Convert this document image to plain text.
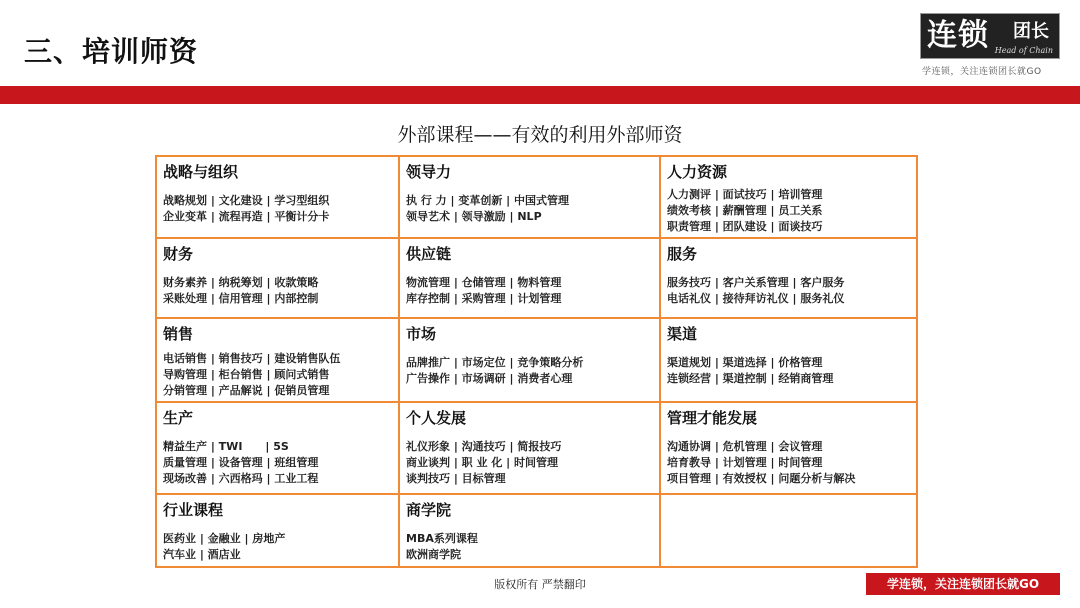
三、培训师资	连锁 团长
Head of Chain
学连锁，关注连锁团长就GO
外部课程——有效的利用外部师资
战略与组织
战略规划 | 文化建设 | 学习型组织
企业变革 | 流程再造 | 平衡计分卡
领导力
执 行 力 | 变革创新 | 中国式管理
领导艺术 | 领导激励 | NLP
人力资源
人力测评 | 面试技巧 | 培训管理
绩效考核 | 薪酬管理 | 员工关系
职责管理 | 团队建设 | 面谈技巧
财务
财务素养 | 纳税筹划 | 收款策略
采账处理 | 信用管理 | 内部控制
供应链
物流管理 | 仓储管理 | 物料管理
库存控制 | 采购管理 | 计划管理
服务
服务技巧 | 客户关系管理 | 客户服务
电话礼仪 | 接待拜访礼仪 | 服务礼仪
销售
电话销售 | 销售技巧 | 建设销售队伍
导购管理 | 柜台销售 | 顾问式销售
分销管理 | 产品解说 | 促销员管理
市场
品牌推广 | 市场定位 | 竞争策略分析
广告操作 | 市场调研 | 消费者心理
渠道
渠道规划 | 渠道选择 | 价格管理
连锁经营 | 渠道控制 | 经销商管理
生产
精益生产 | TWI      | 5S
质量管理 | 设备管理 | 班组管理
现场改善 | 六西格玛 | 工业工程
个人发展
礼仪形象 | 沟通技巧 | 简报技巧
商业谈判 | 职 业 化 | 时间管理
谈判技巧 | 目标管理
管理才能发展
沟通协调 | 危机管理 | 会议管理
培育教导 | 计划管理 | 时间管理
项目管理 | 有效授权 | 问题分析与解决
行业课程
医药业 | 金融业 | 房地产
汽车业 | 酒店业
商学院
MBA系列课程
欧洲商学院
版权所有 严禁翻印	学连锁，关注连锁团长就GO
